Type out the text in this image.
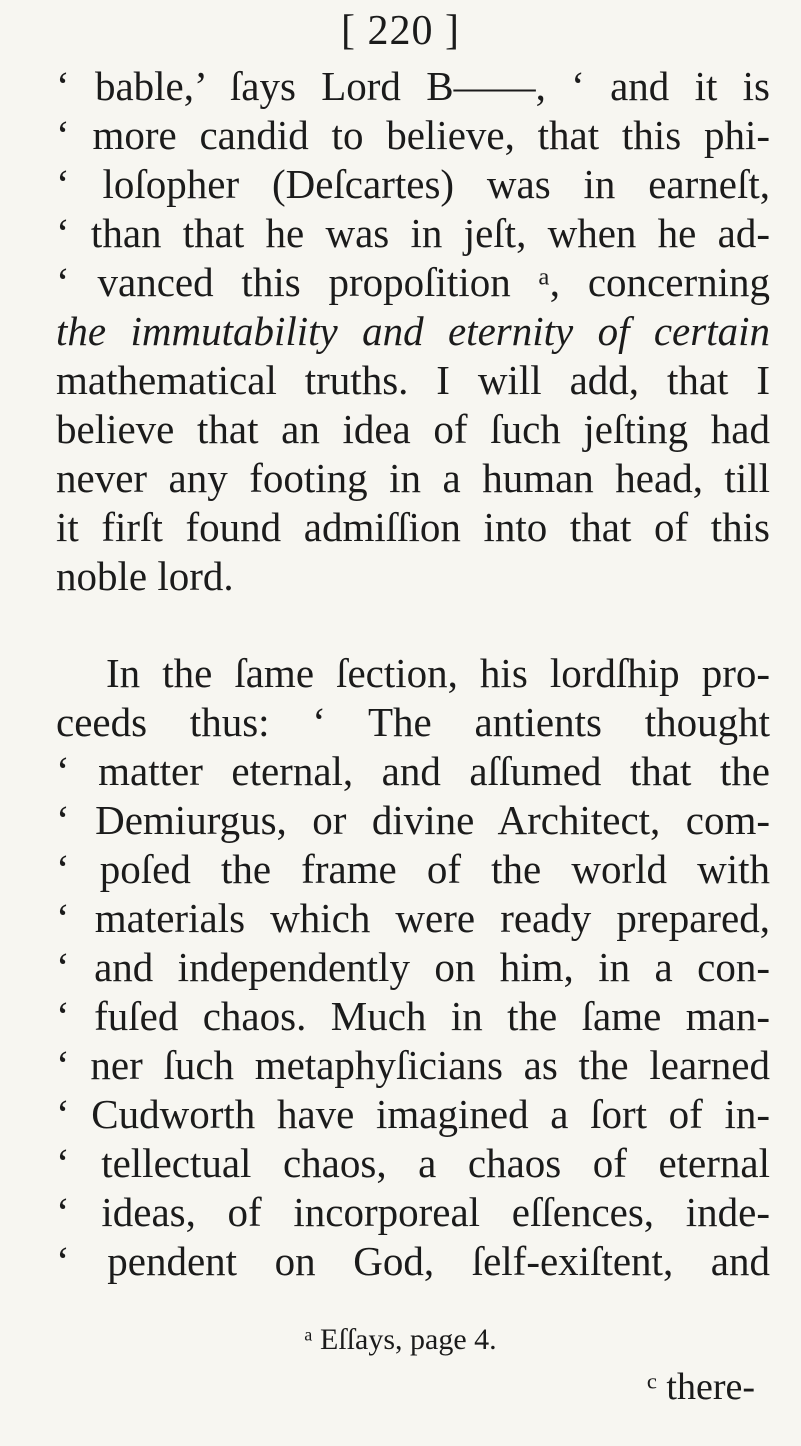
[ 220 ]
‘ bable,’ ſays Lord B——, ‘ and it is
‘ more candid to believe, that this phi-
‘ loſopher (Deſcartes) was in earneſt,
‘ than that he was in jeſt, when he ad-
‘ vanced this propoſition ᵃ, concerning
the immutability and eternity of certain
mathematical truths. I will add, that I
believe that an idea of ſuch jeſting had
never any footing in a human head, till
it firſt found admiſſion into that of this
noble lord.
In the ſame ſection, his lordſhip pro-
ceeds thus: ‘ The antients thought
‘ matter eternal, and aſſumed that the
‘ Demiurgus, or divine Architect, com-
‘ poſed the frame of the world with
‘ materials which were ready prepared,
‘ and independently on him, in a con-
‘ fuſed chaos. Much in the ſame man-
‘ ner ſuch metaphyſicians as the learned
‘ Cudworth have imagined a ſort of in-
‘ tellectual chaos, a chaos of eternal
‘ ideas, of incorporeal eſſences, inde-
‘ pendent on God, ſelf-exiſtent, and
ᵃ Eſſays, page 4.
ᶜ there-
